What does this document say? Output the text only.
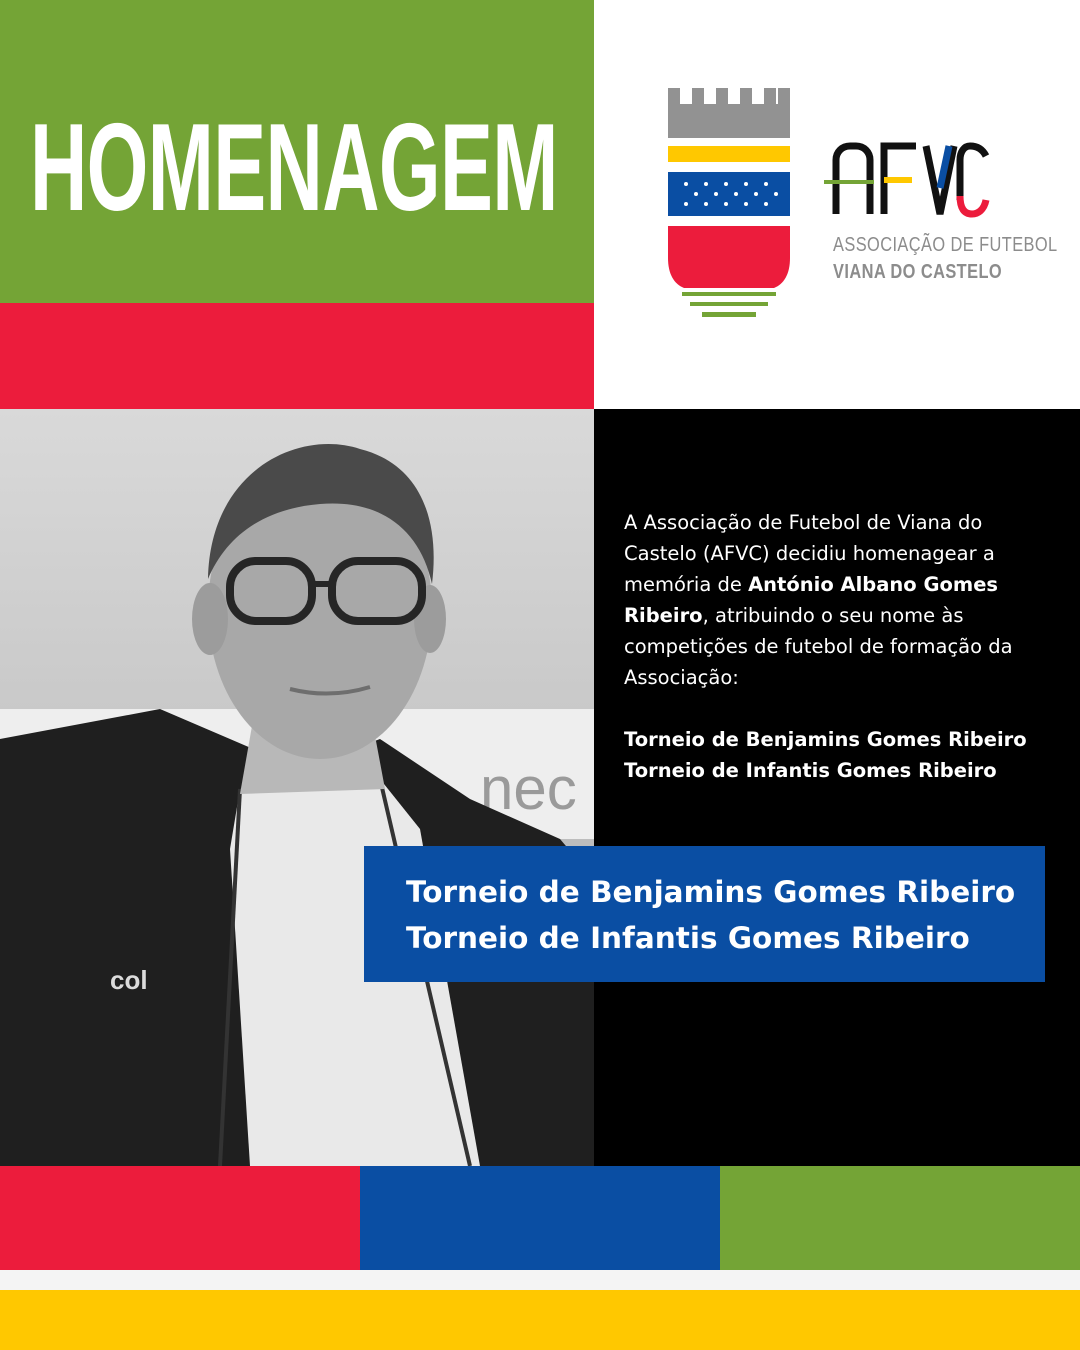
nec
col
HOMENAGEM
ASSOCIAÇÃO DE FUTEBOL
VIANA DO CASTELO

A Associação de Futebol de Viana do Castelo (AFVC) decidiu homenagear a memória de António Albano Gomes Ribeiro, atribuindo o seu nome às competições de futebol de formação da Associação:

Torneio de Benjamins Gomes Ribeiro
Torneio de Infantis Gomes Ribeiro
Torneio de Benjamins Gomes Ribeiro
Torneio de Infantis Gomes Ribeiro
